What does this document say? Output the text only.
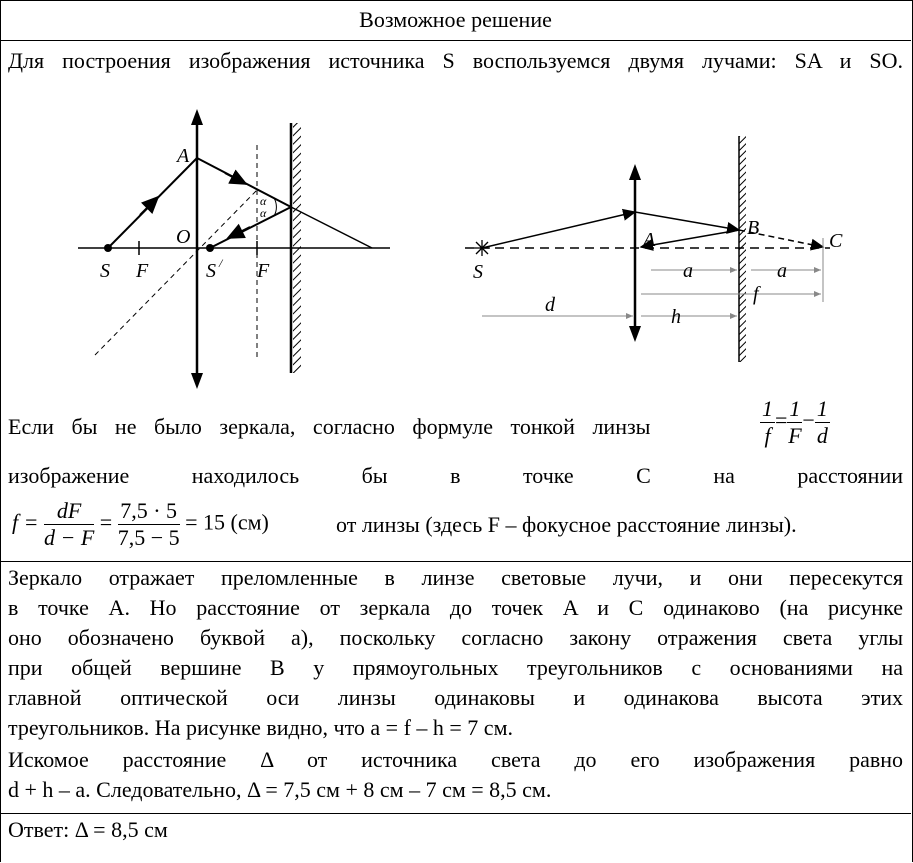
Возможное решение
Для построения изображения источника S воспользуемся двумя лучами: SA и SO.
A
O
S F	S / F
α
α
S
A
B
C
a	a
f
d
h
Если бы не было зеркала, согласно формуле тонкой линзы	$\frac{1}{f} = \frac{1}{F} - \frac{1}{d}$
изображение находилось бы в точке C на расстоянии
$f = \frac{dF}{d - F} = \frac{7,5 \cdot 5}{7,5 - 5} = 15$ (см)	от линзы (здесь F – фокусное расстояние линзы).
Зеркало отражает преломленные в линзе световые лучи, и они пересекутся
в точке A. Но расстояние от зеркала до точек A и C одинаково (на рисунке
оно обозначено буквой a), поскольку согласно закону отражения света углы
при общей вершине B у прямоугольных треугольников с основаниями на
главной оптической оси линзы одинаковы и одинакова высота этих
треугольников. На рисунке видно, что a = f – h = 7 см.
Искомое расстояние Δ от источника света до его изображения равно
d + h – a. Следовательно, Δ = 7,5 см + 8 см – 7 см = 8,5 см.
Ответ: Δ = 8,5 см
